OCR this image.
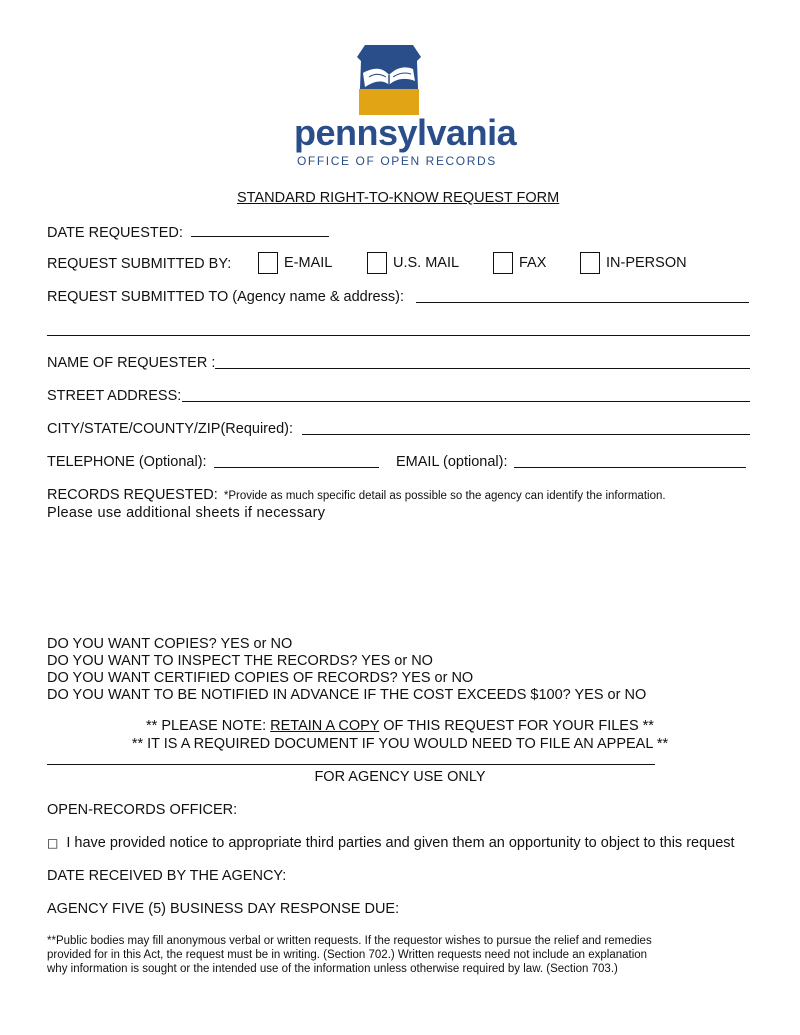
pennsylvania
OFFICE OF OPEN RECORDS
STANDARD RIGHT-TO-KNOW REQUEST FORM
DATE REQUESTED:
REQUEST SUBMITTED BY:	E-MAIL	U.S. MAIL	FAX	IN-PERSON
REQUEST SUBMITTED TO (Agency name & address):
NAME OF REQUESTER :
STREET ADDRESS:
CITY/STATE/COUNTY/ZIP(Required):
TELEPHONE (Optional):	EMAIL (optional):
RECORDS REQUESTED: *Provide as much specific detail as possible so the agency can identify the information.
Please use additional sheets if necessary
DO YOU WANT COPIES? YES or NO
DO YOU WANT TO INSPECT THE RECORDS? YES or NO
DO YOU WANT CERTIFIED COPIES OF RECORDS? YES or NO
DO YOU WANT TO BE NOTIFIED IN ADVANCE IF THE COST EXCEEDS $100? YES or NO
** PLEASE NOTE: RETAIN A COPY OF THIS REQUEST FOR YOUR FILES **
** IT IS A REQUIRED DOCUMENT IF YOU WOULD NEED TO FILE AN APPEAL **
FOR AGENCY USE ONLY
OPEN-RECORDS OFFICER:
□ I have provided notice to appropriate third parties and given them an opportunity to object to this request
DATE RECEIVED BY THE AGENCY:
AGENCY FIVE (5) BUSINESS DAY RESPONSE DUE:
**Public bodies may fill anonymous verbal or written requests. If the requestor wishes to pursue the relief and remedies
provided for in this Act, the request must be in writing. (Section 702.) Written requests need not include an explanation
why information is sought or the intended use of the information unless otherwise required by law. (Section 703.)
